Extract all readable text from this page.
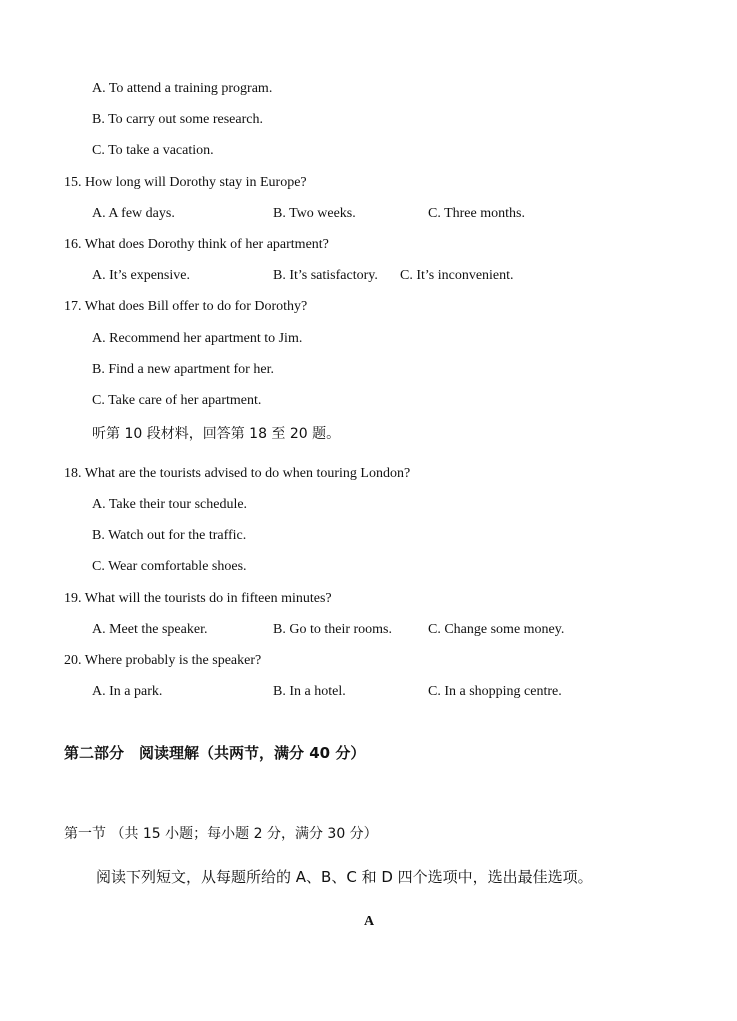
A. To attend a training program.
B. To carry out some research.
C. To take a vacation.
15. How long will Dorothy stay in Europe?
A. A few days.	B. Two weeks.	C. Three months.
16. What does Dorothy think of her apartment?
A. It’s expensive.	B. It’s satisfactory. C. It’s inconvenient.
17. What does Bill offer to do for Dorothy?
A. Recommend her apartment to Jim.
B. Find a new apartment for her.
C. Take care of her apartment.
听第 10 段材料，回答第 18 至 20 题。
18. What are the tourists advised to do when touring London?
A. Take their tour schedule.
B. Watch out for the traffic.
C. Wear comfortable shoes.
19. What will the tourists do in fifteen minutes?
A. Meet the speaker.	B. Go to their rooms.	C. Change some money.
20. Where probably is the speaker?
A. In a park.	B. In a hotel.	C. In a shopping centre.
第二部分　阅读理解（共两节，满分 40 分）
第一节 （共 15 小题；每小题 2 分，满分 30 分）
阅读下列短文，从每题所给的 A、B、C 和 D 四个选项中，选出最佳选项。
A
